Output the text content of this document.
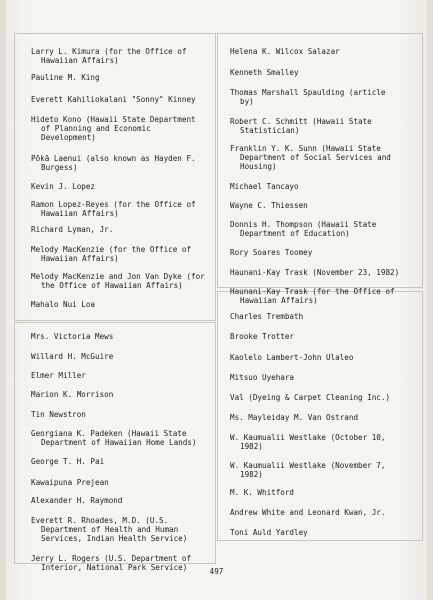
Larry L. Kimura (for the Office of
Hawaiian Affairs)
Pauline M. King
Everett Kahiliokalani "Sonny" Kinney
Hideto Kono (Hawaii State Department
of Planning and Economic
Development)
Pōkā Laenui (also known as Hayden F.
Burgess)
Kevin J. Lopez
Ramon Lopez-Reyes (for the Office of
Hawaiian Affairs)
Richard Lyman, Jr.
Melody MacKenzie (for the Office of
Hawaiian Affairs)
Melody MacKenzie and Jon Van Dyke (for
the Office of Hawaiian Affairs)
Mahalo Nui Loa
Mrs. Victoria Mews
Willard H. McGuire
Elmer Miller
Marion K. Morrison
Tin Newstron
Georgiana K. Padeken (Hawaii State
Department of Hawaiian Home Lands)
George T. H. Pai
Kawaipuna Prejean
Alexander H. Raymond
Everett R. Rhoades, M.D. (U.S.
Department of Health and Human
Services, Indian Health Service)
Jerry L. Rogers (U.S. Department of
Interior, National Park Service)
Helena K. Wilcox Salazar
Kenneth Smalley
Thomas Marshall Spaulding (article
by)
Robert C. Schmitt (Hawaii State
Statistician)
Franklin Y. K. Sunn (Hawaii State
Department of Social Services and
Housing)
Michael Tancayo
Wayne C. Thiessen
Donnis H. Thompson (Hawaii State
Department of Education)
Rory Soares Toomey
Haunani-Kay Trask (November 23, 1982)
Haunani-Kay Trask (for the Office of
Hawaiian Affairs)
Charles Trembath
Brooke Trotter
Kaolelo Lambert-John Ulaleo
Mitsuo Uyehara
Val (Dyeing & Carpet Cleaning Inc.)
Ms. Mayleiday M. Van Ostrand
W. Kaumualii Westlake (October 10,
1982)
W. Kaumualii Westlake (November 7,
1982)
M. K. Whitford
Andrew White and Leonard Kwan, Jr.
Toni Auld Yardley
497
